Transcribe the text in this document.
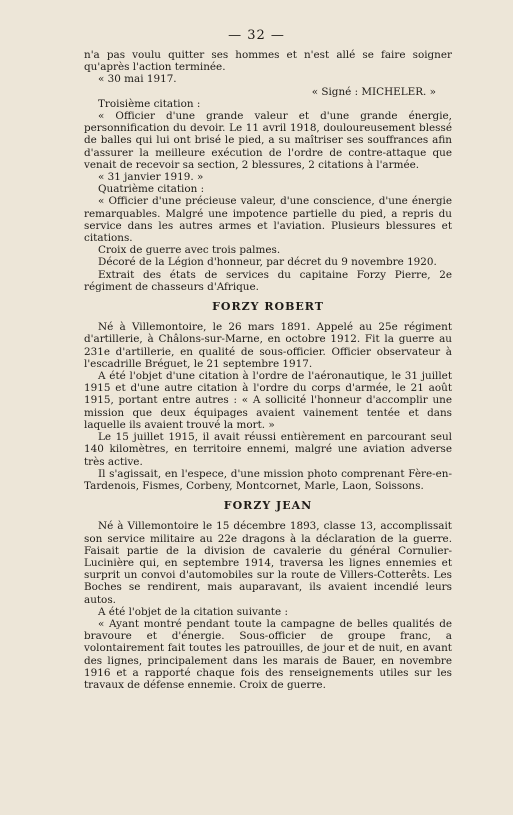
— 32 —

n'a pas voulu quitter ses hommes et n'est allé se faire soigner qu'après l'action terminée.

« 30 mai 1917.

« Signé : MICHELER. »

Troisième citation :

« Officier d'une grande valeur et d'une grande énergie, personnification du devoir. Le 11 avril 1918, douloureusement blessé de balles qui lui ont brisé le pied, a su maîtriser ses souffrances afin d'assurer la meilleure exécution de l'ordre de contre-attaque que venait de recevoir sa section, 2 blessures, 2 citations à l'armée.

« 31 janvier 1919. »

Quatrième citation :

« Officier d'une précieuse valeur, d'une conscience, d'une énergie remarquables. Malgré une impotence partielle du pied, a repris du service dans les autres armes et l'aviation. Plusieurs blessures et citations.

Croix de guerre avec trois palmes.

Décoré de la Légion d'honneur, par décret du 9 novembre 1920.

Extrait des états de services du capitaine Forzy Pierre, 2e régiment de chasseurs d'Afrique.

FORZY ROBERT

Né à Villemontoire, le 26 mars 1891. Appelé au 25e régiment d'artillerie, à Châlons-sur-Marne, en octobre 1912. Fit la guerre au 231e d'artillerie, en qualité de sous-officier. Officier observateur à l'escadrille Bréguet, le 21 septembre 1917.

A été l'objet d'une citation à l'ordre de l'aéronautique, le 31 juillet 1915 et d'une autre citation à l'ordre du corps d'armée, le 21 août 1915, portant entre autres : « A sollicité l'honneur d'accomplir une mission que deux équipages avaient vainement tentée et dans laquelle ils avaient trouvé la mort. »

Le 15 juillet 1915, il avait réussi entièrement en parcourant seul 140 kilomètres, en territoire ennemi, malgré une aviation adverse très active.

Il s'agissait, en l'espece, d'une mission photo comprenant Fère-en-Tardenois, Fismes, Corbeny, Montcornet, Marle, Laon, Soissons.

FORZY JEAN

Né à Villemontoire le 15 décembre 1893, classe 13, accomplissait son service militaire au 22e dragons à la déclaration de la guerre. Faisait partie de la division de cavalerie du général Cornulier-Lucinière qui, en septembre 1914, traversa les lignes ennemies et surprit un convoi d'automobiles sur la route de Villers-Cotterêts. Les Boches se rendirent, mais auparavant, ils avaient incendié leurs autos.

A été l'objet de la citation suivante :

« Ayant montré pendant toute la campagne de belles qualités de bravoure et d'énergie. Sous-officier de groupe franc, a volontairement fait toutes les patrouilles, de jour et de nuit, en avant des lignes, principalement dans les marais de Bauer, en novembre 1916 et a rapporté chaque fois des renseignements utiles sur les travaux de défense ennemie. Croix de guerre.
